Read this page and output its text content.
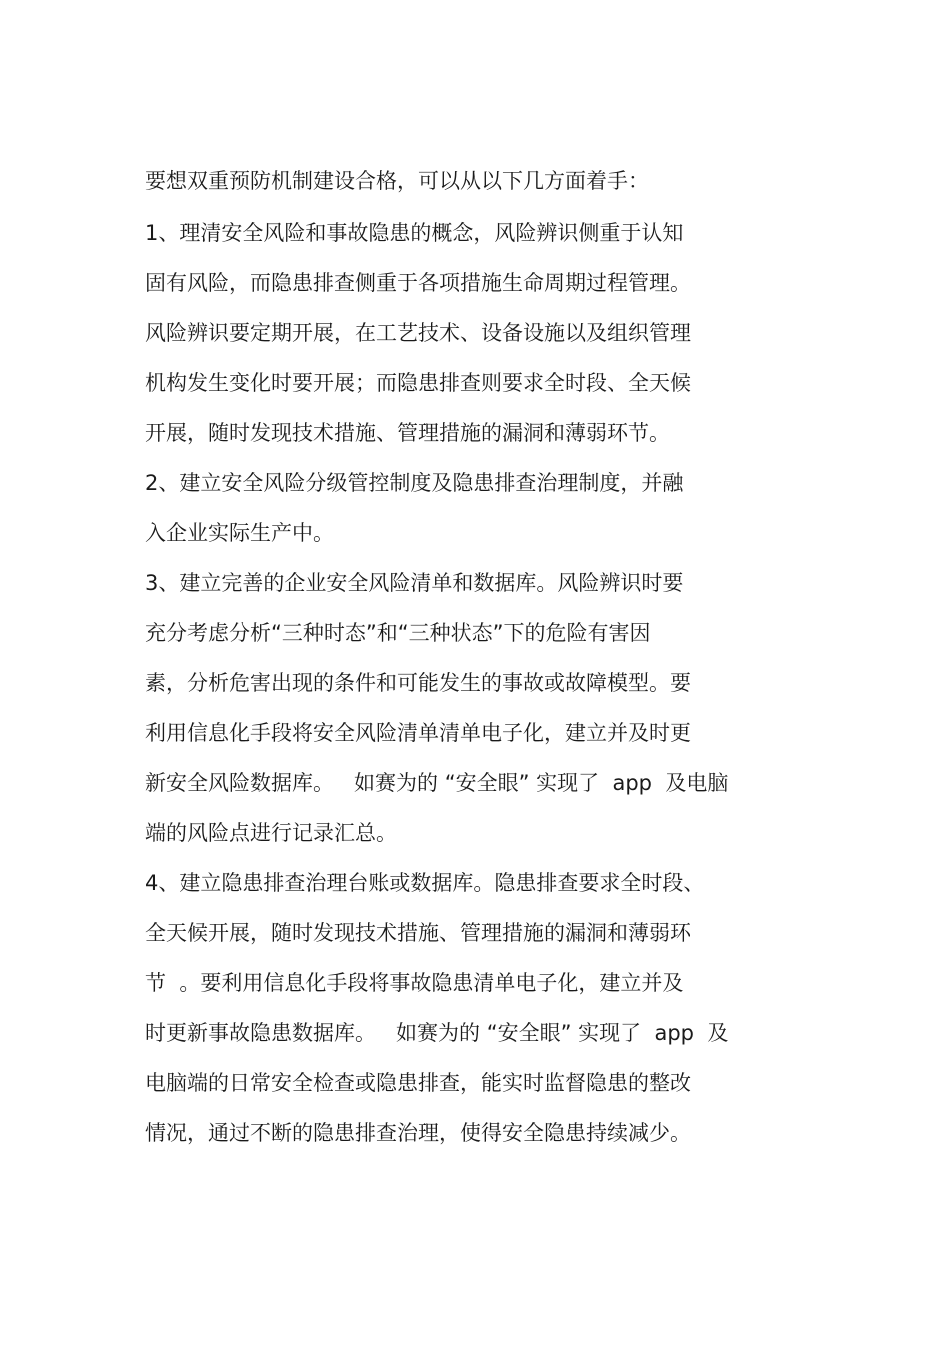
要想双重预防机制建设合格，可以从以下几方面着手：
1、理清安全风险和事故隐患的概念，风险辨识侧重于认知
固有风险，而隐患排查侧重于各项措施生命周期过程管理。
风险辨识要定期开展，在工艺技术、设备设施以及组织管理
机构发生变化时要开展；而隐患排查则要求全时段、全天候
开展，随时发现技术措施、管理措施的漏洞和薄弱环节。
2、建立安全风险分级管控制度及隐患排查治理制度，并融
入企业实际生产中。
3、建立完善的企业安全风险清单和数据库。风险辨识时要
充分考虑分析“三种时态”和“三种状态”下的危险有害因
素，分析危害出现的条件和可能发生的事故或故障模型。要
利用信息化手段将安全风险清单清单电子化，建立并及时更
新安全风险数据库。   如赛为的 “安全眼” 实现了  app  及电脑
端的风险点进行记录汇总。
4、建立隐患排查治理台账或数据库。隐患排查要求全时段、
全天候开展，随时发现技术措施、管理措施的漏洞和薄弱环
节  。要利用信息化手段将事故隐患清单电子化，建立并及
时更新事故隐患数据库。   如赛为的 “安全眼” 实现了  app  及
电脑端的日常安全检查或隐患排查，能实时监督隐患的整改
情况，通过不断的隐患排查治理，使得安全隐患持续减少。
